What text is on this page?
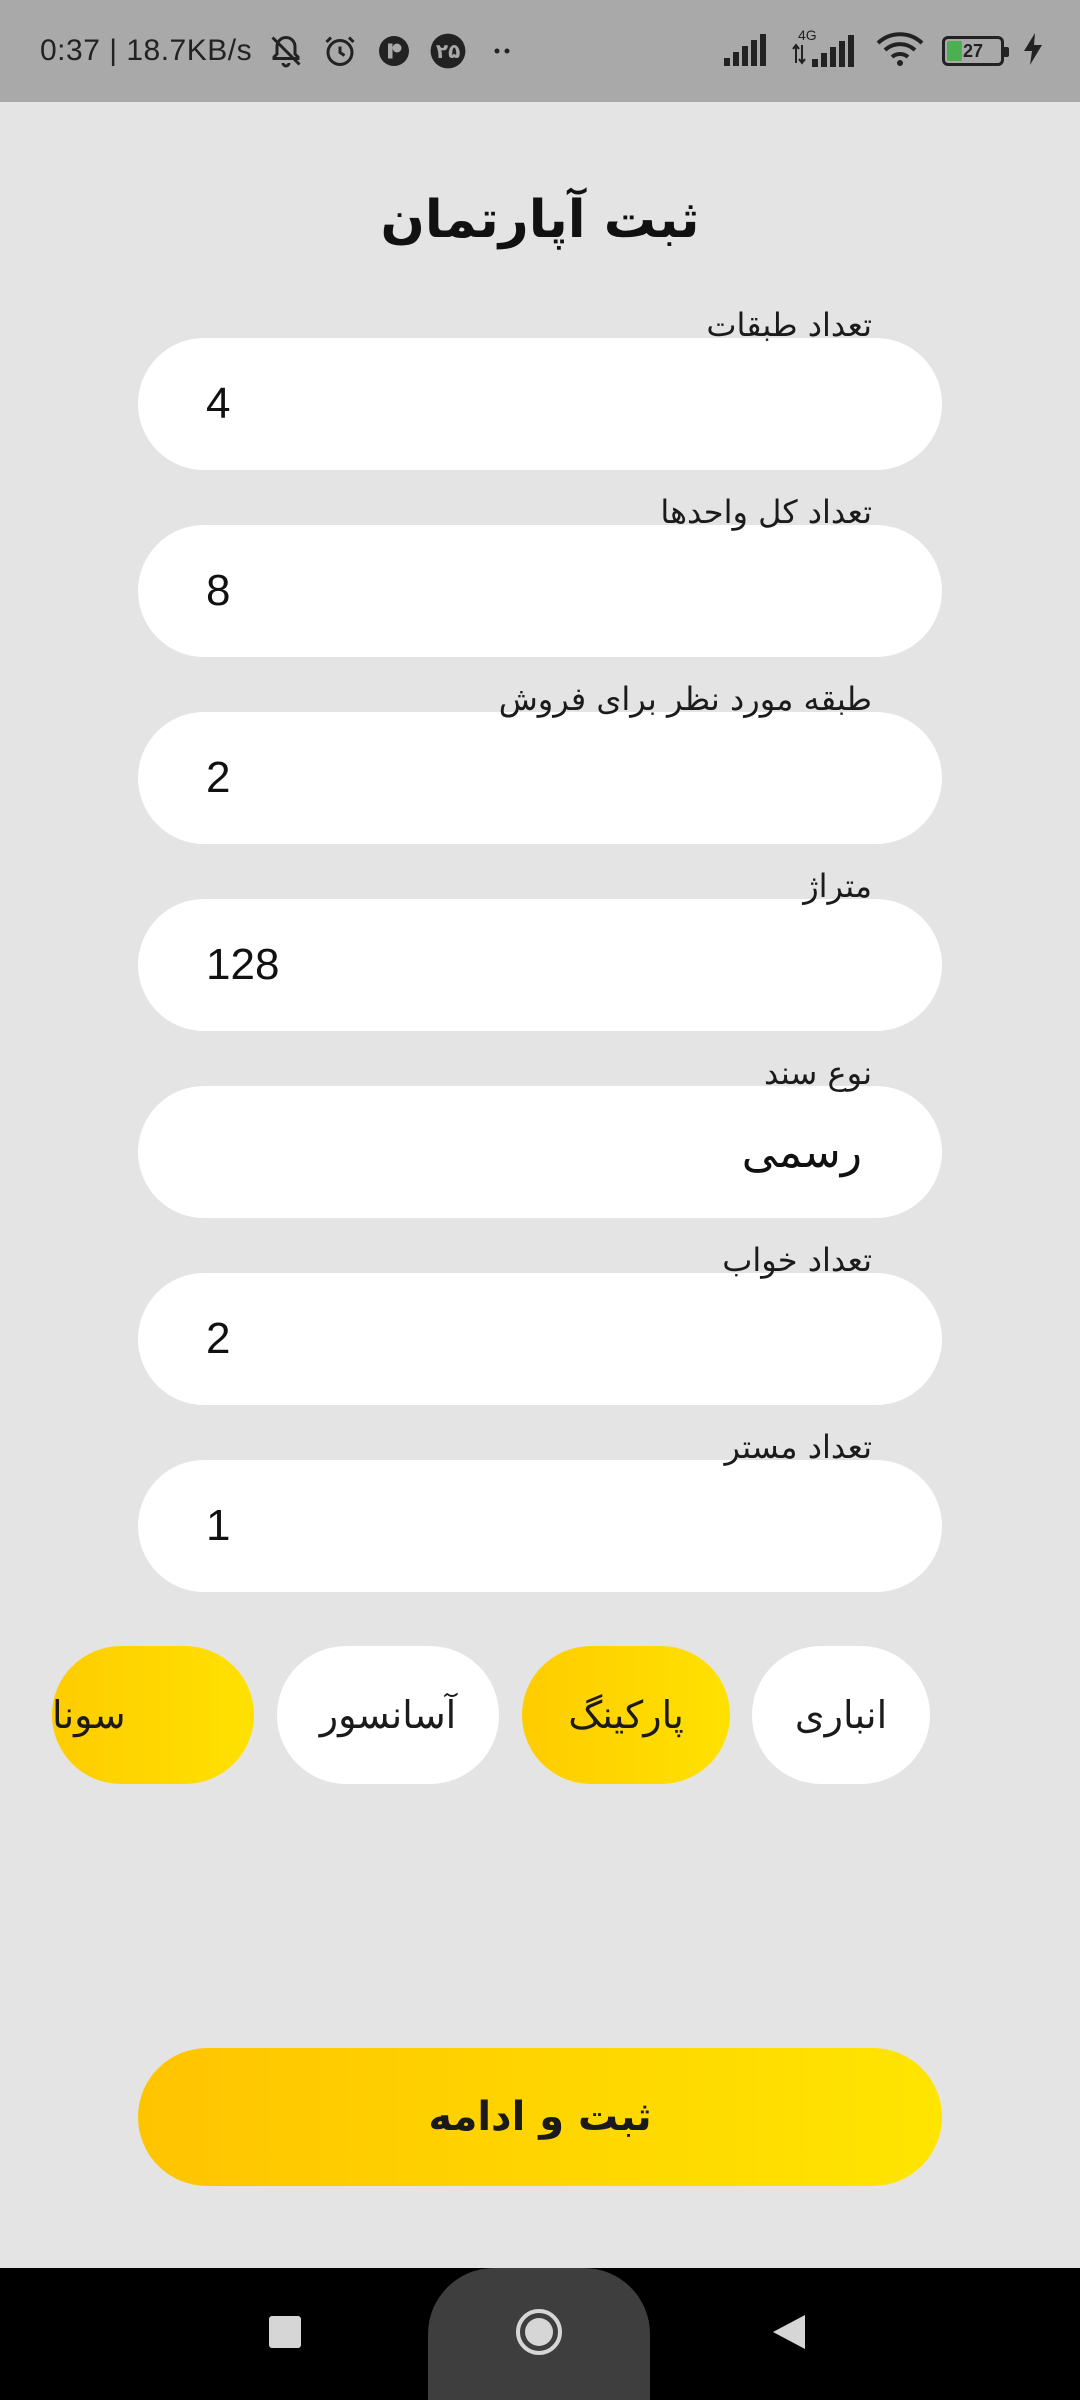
0:37 | 18.7KB/s	۲۵
4G
27
ثبت آپارتمان
تعداد طبقات
4
تعداد کل واحدها
8
طبقه مورد نظر برای فروش
2
متراژ
128
نوع سند
رسمی
تعداد خواب
2
تعداد مستر
1
انباری
پارکینگ
آسانسور
سونا
ثبت و ادامه
